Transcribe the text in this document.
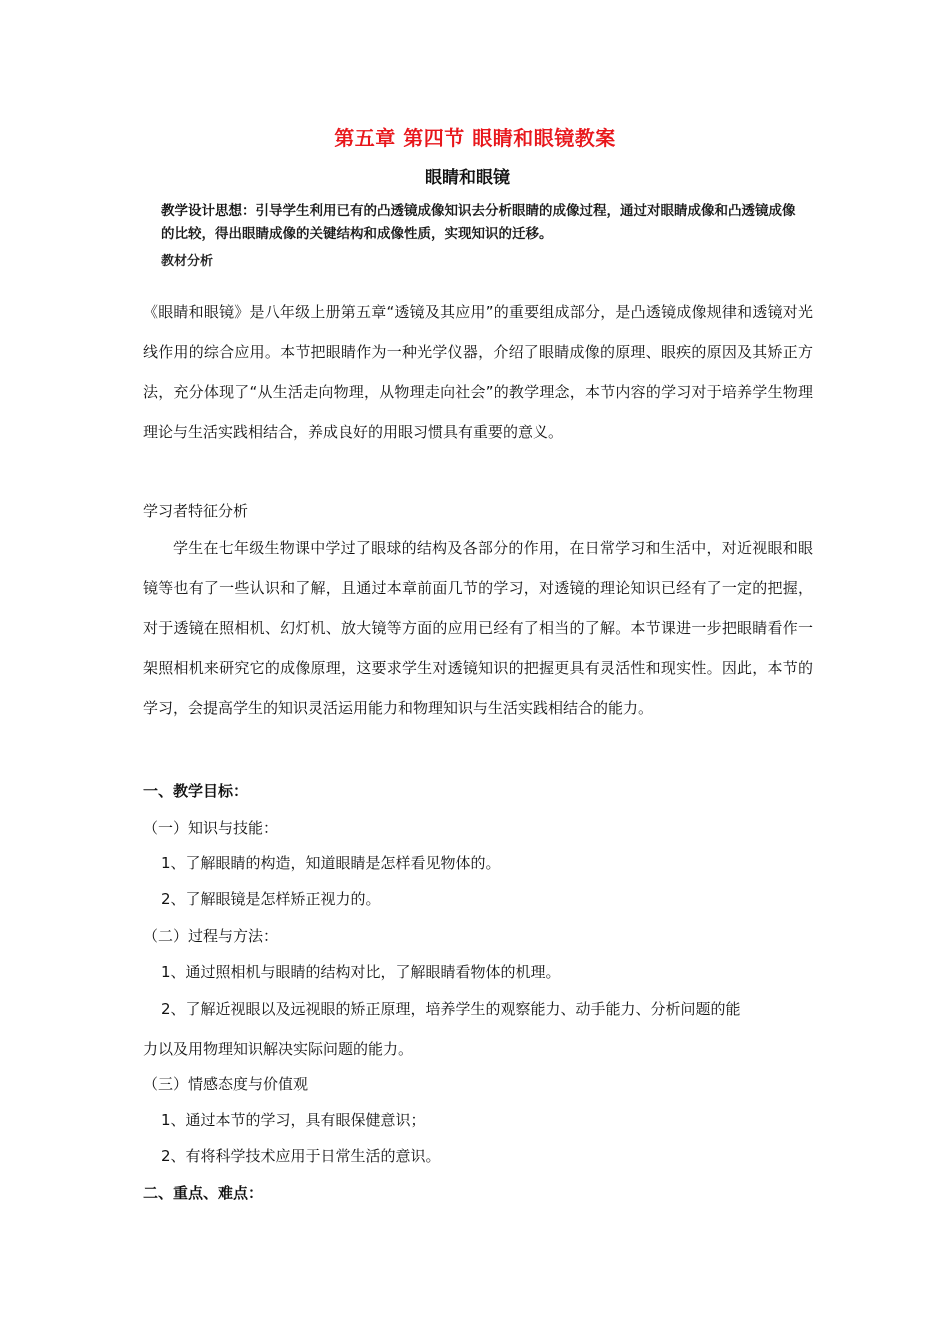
第五章 第四节 眼睛和眼镜教案
眼睛和眼镜
教学设计思想：引导学生利用已有的凸透镜成像知识去分析眼睛的成像过程，通过对眼睛成像和凸透镜成像的比较，得出眼睛成像的关键结构和成像性质，实现知识的迁移。
教材分析
《眼睛和眼镜》是八年级上册第五章“透镜及其应用”的重要组成部分，是凸透镜成像规律和透镜对光线作用的综合应用。本节把眼睛作为一种光学仪器，介绍了眼睛成像的原理、眼疾的原因及其矫正方法，充分体现了“从生活走向物理，从物理走向社会”的教学理念，本节内容的学习对于培养学生物理理论与生活实践相结合，养成良好的用眼习惯具有重要的意义。
学习者特征分析
学生在七年级生物课中学过了眼球的结构及各部分的作用，在日常学习和生活中，对近视眼和眼镜等也有了一些认识和了解，且通过本章前面几节的学习，对透镜的理论知识已经有了一定的把握，对于透镜在照相机、幻灯机、放大镜等方面的应用已经有了相当的了解。本节课进一步把眼睛看作一架照相机来研究它的成像原理，这要求学生对透镜知识的把握更具有灵活性和现实性。因此，本节的学习，会提高学生的知识灵活运用能力和物理知识与生活实践相结合的能力。
一、教学目标：
（一）知识与技能：
1、了解眼睛的构造，知道眼睛是怎样看见物体的。
2、了解眼镜是怎样矫正视力的。
（二）过程与方法：
1、通过照相机与眼睛的结构对比，了解眼睛看物体的机理。
2、了解近视眼以及远视眼的矫正原理，培养学生的观察能力、动手能力、分析问题的能
力以及用物理知识解决实际问题的能力。
（三）情感态度与价值观
1、通过本节的学习，具有眼保健意识；
2、有将科学技术应用于日常生活的意识。
二、重点、难点：
